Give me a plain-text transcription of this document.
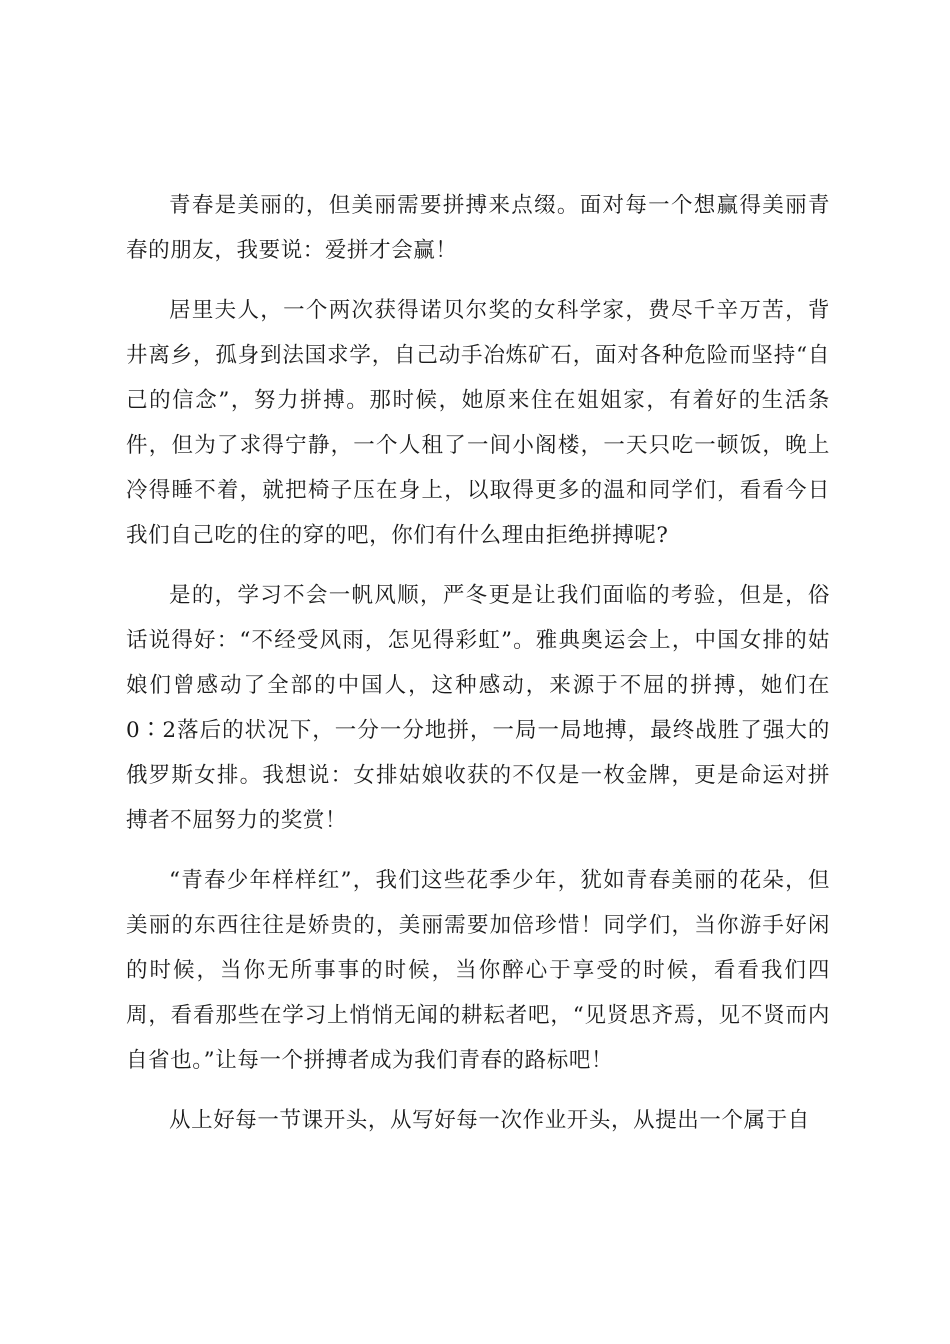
青春是美丽的，但美丽需要拼搏来点缀。面对每一个想赢得美丽青春的朋友，我要说：爱拼才会赢！

居里夫人，一个两次获得诺贝尔奖的女科学家，费尽千辛万苦，背井离乡，孤身到法国求学，自己动手冶炼矿石，面对各种危险而坚持“自己的信念”，努力拼搏。那时候，她原来住在姐姐家，有着好的生活条件，但为了求得宁静，一个人租了一间小阁楼，一天只吃一顿饭，晚上冷得睡不着，就把椅子压在身上，以取得更多的温和同学们，看看今日我们自己吃的住的穿的吧，你们有什么理由拒绝拼搏呢?

是的，学习不会一帆风顺，严冬更是让我们面临的考验，但是，俗话说得好：“不经受风雨，怎见得彩虹”。雅典奥运会上，中国女排的姑娘们曾感动了全部的中国人，这种感动，来源于不屈的拼搏，她们在0∶2落后的状况下，一分一分地拼，一局一局地搏，最终战胜了强大的俄罗斯女排。我想说：女排姑娘收获的不仅是一枚金牌，更是命运对拼搏者不屈努力的奖赏！

“青春少年样样红”，我们这些花季少年，犹如青春美丽的花朵，但美丽的东西往往是娇贵的，美丽需要加倍珍惜！同学们，当你游手好闲的时候，当你无所事事的时候，当你醉心于享受的时候，看看我们四周，看看那些在学习上悄悄无闻的耕耘者吧，“见贤思齐焉，见不贤而内自省也。”让每一个拼搏者成为我们青春的路标吧！

从上好每一节课开头，从写好每一次作业开头，从提出一个属于自
